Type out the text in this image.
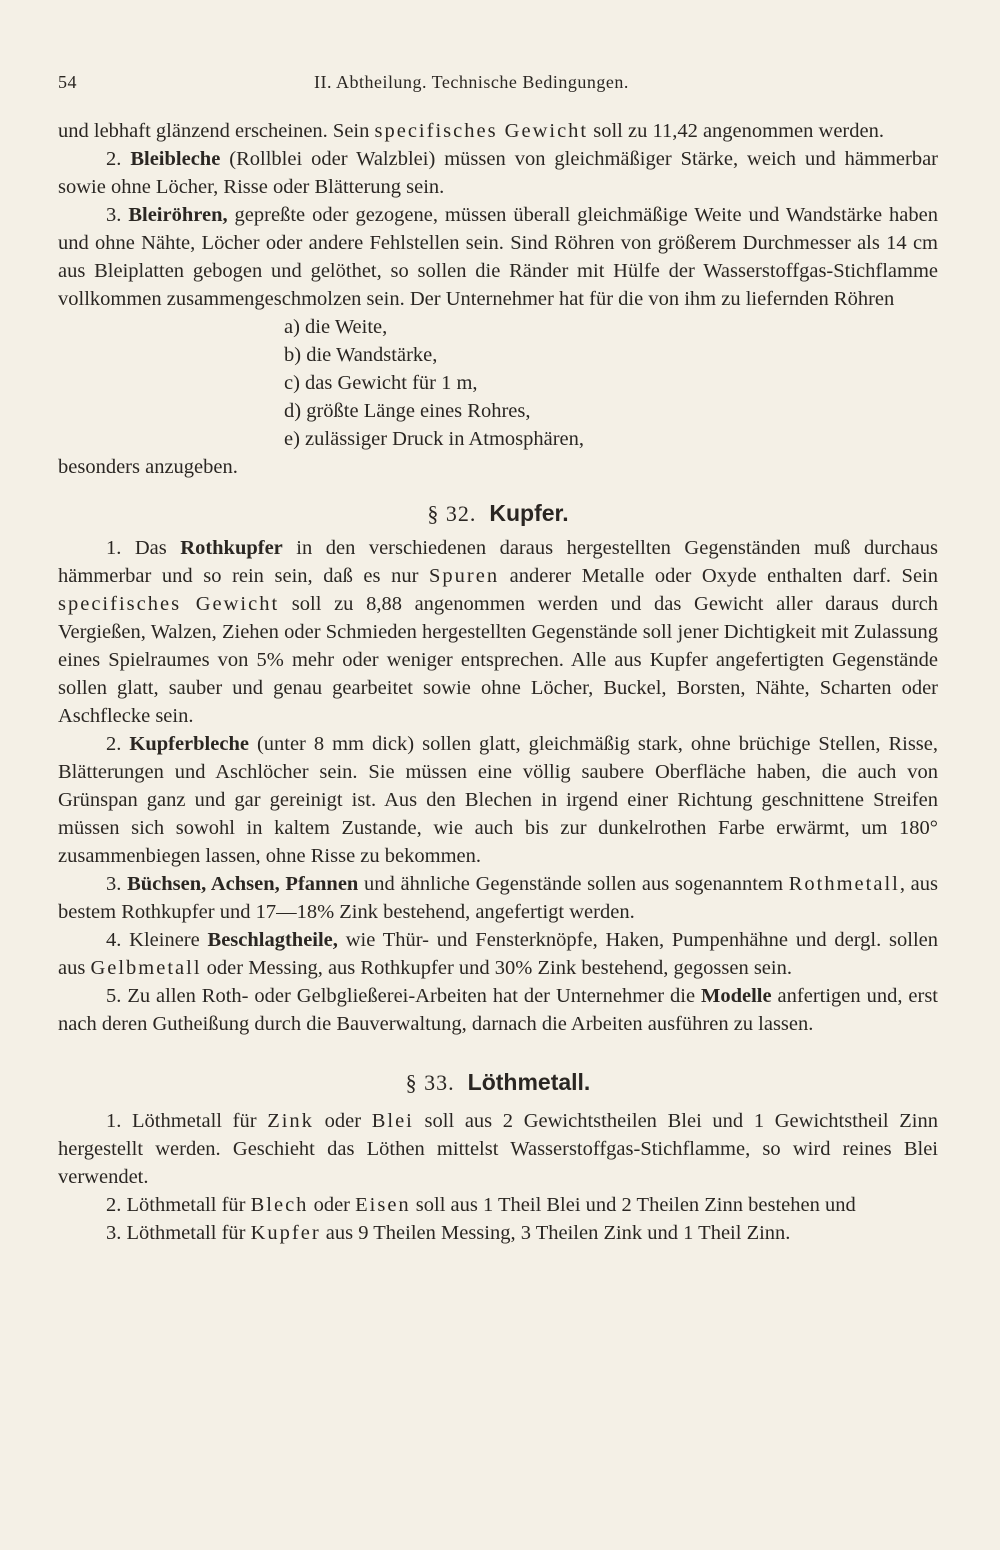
54	II. Abtheilung. Technische Bedingungen.

und lebhaft glänzend erscheinen. Sein specifisches Gewicht soll zu 11,42 angenommen werden.

2. Bleibleche (Rollblei oder Walzblei) müssen von gleichmäßiger Stärke, weich und hämmerbar sowie ohne Löcher, Risse oder Blätterung sein.

3. Bleiröhren, gepreßte oder gezogene, müssen überall gleichmäßige Weite und Wandstärke haben und ohne Nähte, Löcher oder andere Fehlstellen sein. Sind Röhren von größerem Durchmesser als 14 cm aus Bleiplatten gebogen und gelöthet, so sollen die Ränder mit Hülfe der Wasserstoffgas-Stichflamme vollkommen zusammengeschmolzen sein. Der Unternehmer hat für die von ihm zu liefernden Röhren

a) die Weite,
b) die Wandstärke,
c) das Gewicht für 1 m,
d) größte Länge eines Rohres,
e) zulässiger Druck in Atmosphären,

besonders anzugeben.

§ 32. Kupfer.

1. Das Rothkupfer in den verschiedenen daraus hergestellten Gegenständen muß durchaus hämmerbar und so rein sein, daß es nur Spuren anderer Metalle oder Oxyde enthalten darf. Sein specifisches Gewicht soll zu 8,88 angenommen werden und das Gewicht aller daraus durch Vergießen, Walzen, Ziehen oder Schmieden hergestellten Gegenstände soll jener Dichtigkeit mit Zulassung eines Spielraumes von 5% mehr oder weniger entsprechen. Alle aus Kupfer angefertigten Gegenstände sollen glatt, sauber und genau gearbeitet sowie ohne Löcher, Buckel, Borsten, Nähte, Scharten oder Aschflecke sein.

2. Kupferbleche (unter 8 mm dick) sollen glatt, gleichmäßig stark, ohne brüchige Stellen, Risse, Blätterungen und Aschlöcher sein. Sie müssen eine völlig saubere Oberfläche haben, die auch von Grünspan ganz und gar gereinigt ist. Aus den Blechen in irgend einer Richtung geschnittene Streifen müssen sich sowohl in kaltem Zustande, wie auch bis zur dunkelrothen Farbe erwärmt, um 180° zusammenbiegen lassen, ohne Risse zu bekommen.

3. Büchsen, Achsen, Pfannen und ähnliche Gegenstände sollen aus sogenanntem Rothmetall, aus bestem Rothkupfer und 17—18% Zink bestehend, angefertigt werden.

4. Kleinere Beschlagtheile, wie Thür- und Fensterknöpfe, Haken, Pumpenhähne und dergl. sollen aus Gelbmetall oder Messing, aus Rothkupfer und 30% Zink bestehend, gegossen sein.

5. Zu allen Roth- oder Gelbgließerei-Arbeiten hat der Unternehmer die Modelle anfertigen und, erst nach deren Gutheißung durch die Bauverwaltung, darnach die Arbeiten ausführen zu lassen.

§ 33. Löthmetall.

1. Löthmetall für Zink oder Blei soll aus 2 Gewichtstheilen Blei und 1 Gewichtstheil Zinn hergestellt werden. Geschieht das Löthen mittelst Wasserstoffgas-Stichflamme, so wird reines Blei verwendet.

2. Löthmetall für Blech oder Eisen soll aus 1 Theil Blei und 2 Theilen Zinn bestehen und

3. Löthmetall für Kupfer aus 9 Theilen Messing, 3 Theilen Zink und 1 Theil Zinn.
